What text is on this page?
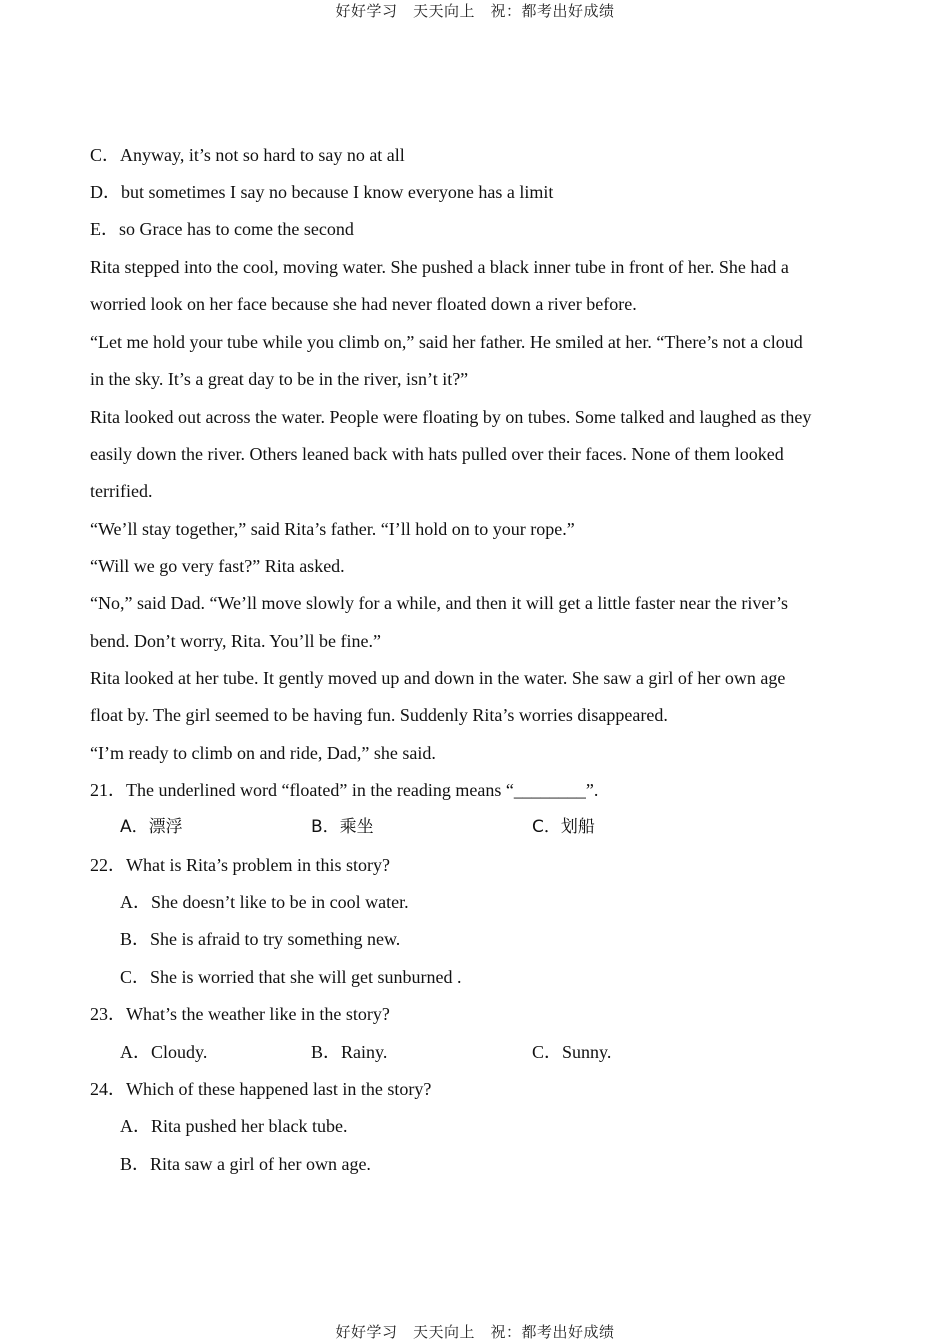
好好学习　天天向上　祝：都考出好成绩
C．Anyway, it’s not so hard to say no at all
D．but sometimes I say no because I know everyone has a limit
E．so Grace has to come the second
Rita stepped into the cool, moving water. She pushed a black inner tube in front of her. She had a
worried look on her face because she had never floated down a river before.
“Let me hold your tube while you climb on,” said her father. He smiled at her. “There’s not a cloud
in the sky. It’s a great day to be in the river, isn’t it?”
Rita looked out across the water. People were floating by on tubes. Some talked and laughed as they
easily down the river. Others leaned back with hats pulled over their faces. None of them looked
terrified.
“We’ll stay together,” said Rita’s father. “I’ll hold on to your rope.”
“Will we go very fast?” Rita asked.
“No,” said Dad. “We’ll move slowly for a while, and then it will get a little faster near the river’s
bend. Don’t worry, Rita. You’ll be fine.”
Rita looked at her tube. It gently moved up and down in the water. She saw a girl of her own age
float by. The girl seemed to be having fun. Suddenly Rita’s worries disappeared.
“I’m ready to climb on and ride, Dad,” she said.
21．The underlined word “floated” in the reading means “________”.
A．漂浮	B．乘坐	C．划船
22．What is Rita’s problem in this story?
A．She doesn’t like to be in cool water.
B．She is afraid to try something new.
C．She is worried that she will get sunburned .
23．What’s the weather like in the story?
A．Cloudy.	B．Rainy.	C．Sunny.
24．Which of these happened last in the story?
A．Rita pushed her black tube.
B．Rita saw a girl of her own age.
好好学习　天天向上　祝：都考出好成绩
